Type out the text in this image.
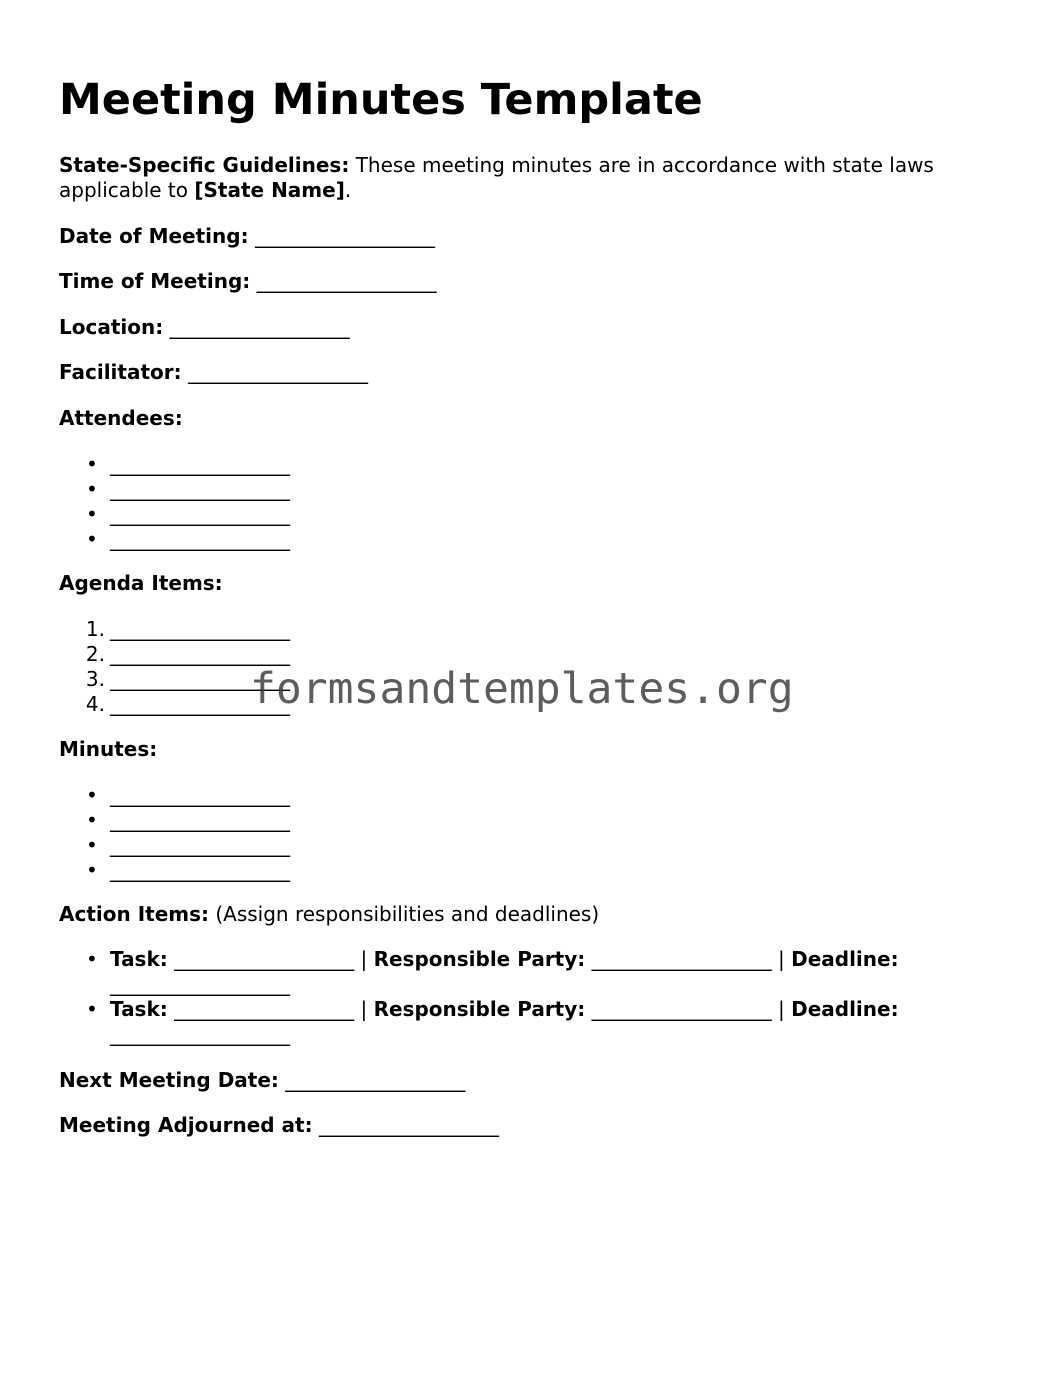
Meeting Minutes Template

State-Specific Guidelines: These meeting minutes are in accordance with state laws
applicable to [State Name].

Date of Meeting: __________________

Time of Meeting: __________________

Location: __________________

Facilitator: __________________

Attendees:

• __________________
• __________________
• __________________
• __________________

Agenda Items:

1. __________________
2. __________________
3. __________________
4. __________________

Minutes:

• __________________
• __________________
• __________________
• __________________

Action Items: (Assign responsibilities and deadlines)

• Task: __________________ | Responsible Party: __________________ | Deadline:
__________________
• Task: __________________ | Responsible Party: __________________ | Deadline:
__________________

Next Meeting Date: __________________

Meeting Adjourned at: __________________

formsandtemplates.org
